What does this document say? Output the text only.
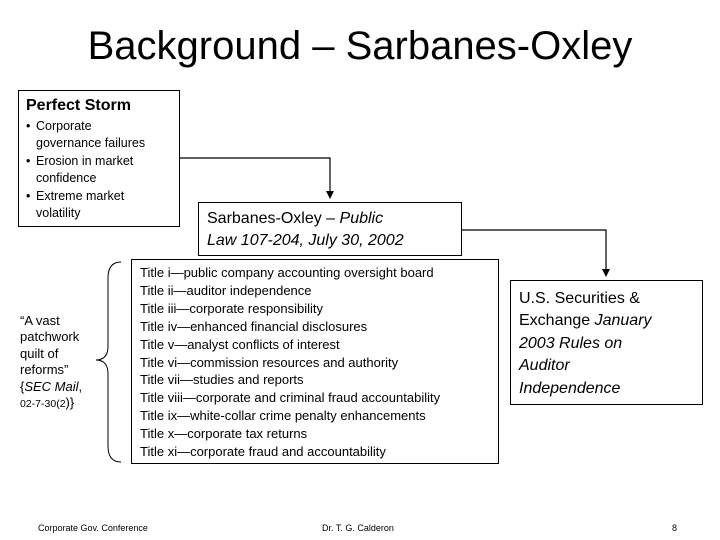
Background – Sarbanes-Oxley
Perfect Storm
• Corporate
governance failures
• Erosion in market
confidence
• Extreme market
volatility	Sarbanes-Oxley – Public
Law 107-204, July 30, 2002
Title i—public company accounting oversight board
Title ii—auditor independence
Title iii—corporate responsibility
Title iv—enhanced financial disclosures
Title v—analyst conflicts of interest
Title vi—commission resources and authority
Title vii—studies and reports
Title viii—corporate and criminal fraud accountability
Title ix—white-collar crime penalty enhancements
Title x—corporate tax returns
Title xi—corporate fraud and accountability
“A vast
patchwork
quilt of
reforms”
{SEC Mail,
02-7-30(2)}
U.S. Securities &
Exchange January
2003 Rules on
Auditor
Independence
Corporate Gov. Conference	Dr. T. G. Calderon	8
